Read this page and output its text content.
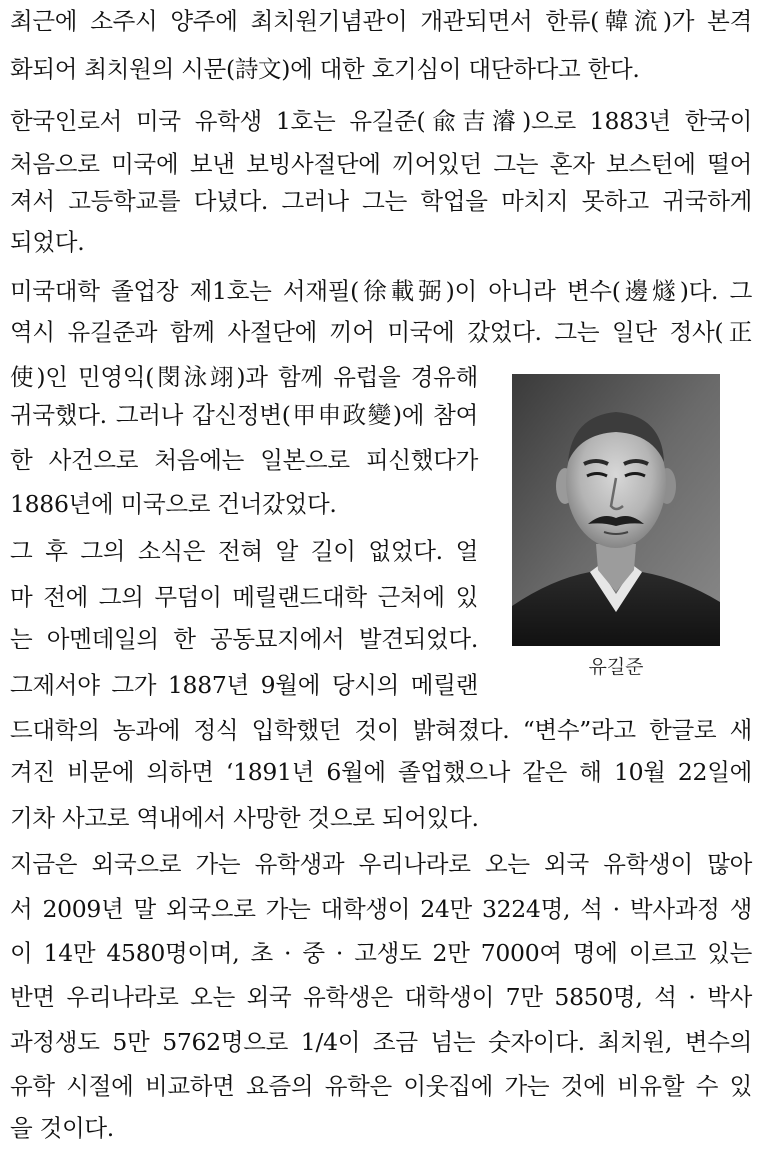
최근에 소주시 양주에 최치원기념관이 개관되면서 한류(韓流)가 본격
화되어 최치원의 시문(詩文)에 대한 호기심이 대단하다고 한다.
한국인로서 미국 유학생 1호는 유길준(兪吉濬)으로 1883년 한국이
처음으로 미국에 보낸 보빙사절단에 끼어있던 그는 혼자 보스턴에 떨어
져서 고등학교를 다녔다. 그러나 그는 학업을 마치지 못하고 귀국하게
되었다.
미국대학 졸업장 제1호는 서재필(徐載弼)이 아니라 변수(邊燧)다. 그
역시 유길준과 함께 사절단에 끼어 미국에 갔었다. 그는 일단 정사(正
使)인 민영익(閔泳翊)과 함께 유럽을 경유해
귀국했다. 그러나 갑신정변(甲申政變)에 참여
한 사건으로 처음에는 일본으로 피신했다가
1886년에 미국으로 건너갔었다.
그 후 그의 소식은 전혀 알 길이 없었다. 얼
마 전에 그의 무덤이 메릴랜드대학 근처에 있
는 아멘데일의 한 공동묘지에서 발견되었다.
그제서야 그가 1887년 9월에 당시의 메릴랜
드대학의 농과에 정식 입학했던 것이 밝혀졌다. “변수”라고 한글로 새
겨진 비문에 의하면 ‘1891년 6월에 졸업했으나 같은 해 10월 22일에
기차 사고로 역내에서 사망한 것으로 되어있다.
지금은 외국으로 가는 유학생과 우리나라로 오는 외국 유학생이 많아
서 2009년 말 외국으로 가는 대학생이 24만 3224명, 석 · 박사과정 생
이 14만 4580명이며, 초 · 중 · 고생도 2만 7000여 명에 이르고 있는
반면 우리나라로 오는 외국 유학생은 대학생이 7만 5850명, 석 · 박사
과정생도 5만 5762명으로 1/4이 조금 넘는 숫자이다. 최치원, 변수의
유학 시절에 비교하면 요즘의 유학은 이웃집에 가는 것에 비유할 수 있
을 것이다.
유길준
